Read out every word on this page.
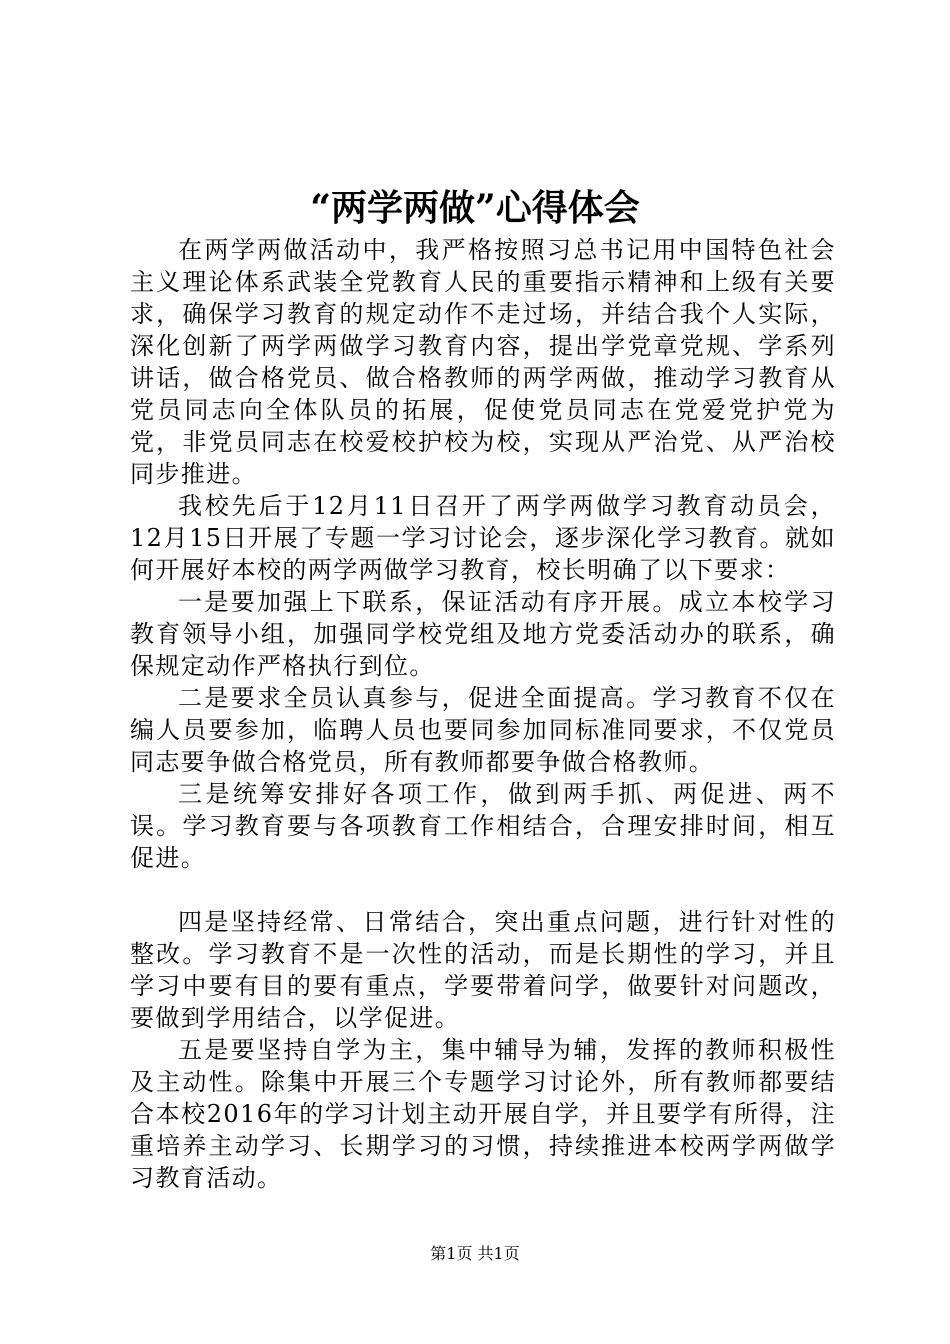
“两学两做”心得体会

在两学两做活动中，我严格按照习总书记用中国特色社会主义理论体系武装全党教育人民的重要指示精神和上级有关要求，确保学习教育的规定动作不走过场，并结合我个人实际，深化创新了两学两做学习教育内容，提出学党章党规、学系列讲话，做合格党员、做合格教师的两学两做，推动学习教育从党员同志向全体队员的拓展，促使党员同志在党爱党护党为党，非党员同志在校爱校护校为校，实现从严治党、从严治校同步推进。

我校先后于12月11日召开了两学两做学习教育动员会，12月15日开展了专题一学习讨论会，逐步深化学习教育。就如何开展好本校的两学两做学习教育，校长明确了以下要求：

一是要加强上下联系，保证活动有序开展。成立本校学习教育领导小组，加强同学校党组及地方党委活动办的联系，确保规定动作严格执行到位。

二是要求全员认真参与，促进全面提高。学习教育不仅在编人员要参加，临聘人员也要同参加同标准同要求，不仅党员同志要争做合格党员，所有教师都要争做合格教师。

三是统筹安排好各项工作，做到两手抓、两促进、两不误。学习教育要与各项教育工作相结合，合理安排时间，相互促进。

四是坚持经常、日常结合，突出重点问题，进行针对性的整改。学习教育不是一次性的活动，而是长期性的学习，并且学习中要有目的要有重点，学要带着问学，做要针对问题改，要做到学用结合，以学促进。

五是要坚持自学为主，集中辅导为辅，发挥的教师积极性及主动性。除集中开展三个专题学习讨论外，所有教师都要结合本校2016年的学习计划主动开展自学，并且要学有所得，注重培养主动学习、长期学习的习惯，持续推进本校两学两做学习教育活动。

第1页 共1页
